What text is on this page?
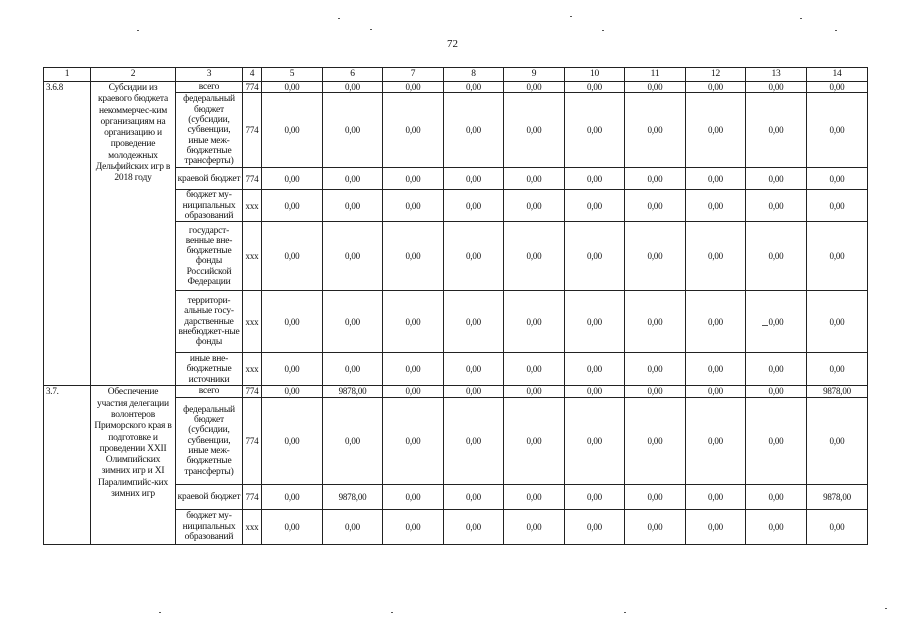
72
1	2	3	4	5	6	7	8	9	10	11	12	13	14
3.6.8	Субсидии из краевого бюджета некоммерчес-ким организациям на организацию и проведение молодежных Дельфийских игр в 2018 году	всего	774	0,00	0,00	0,00	0,00	0,00	0,00	0,00	0,00	0,00	0,00
		федеральный бюджет (субсидии, субвенции, иные меж-бюджетные трансферты)	774	0,00	0,00	0,00	0,00	0,00	0,00	0,00	0,00	0,00	0,00
		краевой бюджет	774	0,00	0,00	0,00	0,00	0,00	0,00	0,00	0,00	0,00	0,00
		бюджет му-ниципальных образований	ххх	0,00	0,00	0,00	0,00	0,00	0,00	0,00	0,00	0,00	0,00
		государст-венные вне-бюджетные фонды Российской Федерации	ххх	0,00	0,00	0,00	0,00	0,00	0,00	0,00	0,00	0,00	0,00
		территори-альные госу-дарственные внебюджет-ные фонды	ххх	0,00	0,00	0,00	0,00	0,00	0,00	0,00	0,00	0,00	0,00
		иные вне-бюджетные источники	ххх	0,00	0,00	0,00	0,00	0,00	0,00	0,00	0,00	0,00	0,00
3.7.	Обеспечение участия делегации волонтеров Приморского края в подготовке и проведении XXII Олимпийских зимних игр и XI Паралимпийс-ких зимних игр	всего	774	0,00	9878,00	0,00	0,00	0,00	0,00	0,00	0,00	0,00	9878,00
		федеральный бюджет (субсидии, субвенции, иные меж-бюджетные трансферты)	774	0,00	0,00	0,00	0,00	0,00	0,00	0,00	0,00	0,00	0,00
		краевой бюджет	774	0,00	9878,00	0,00	0,00	0,00	0,00	0,00	0,00	0,00	9878,00
		бюджет му-ниципальных образований	ххх	0,00	0,00	0,00	0,00	0,00	0,00	0,00	0,00	0,00	0,00
